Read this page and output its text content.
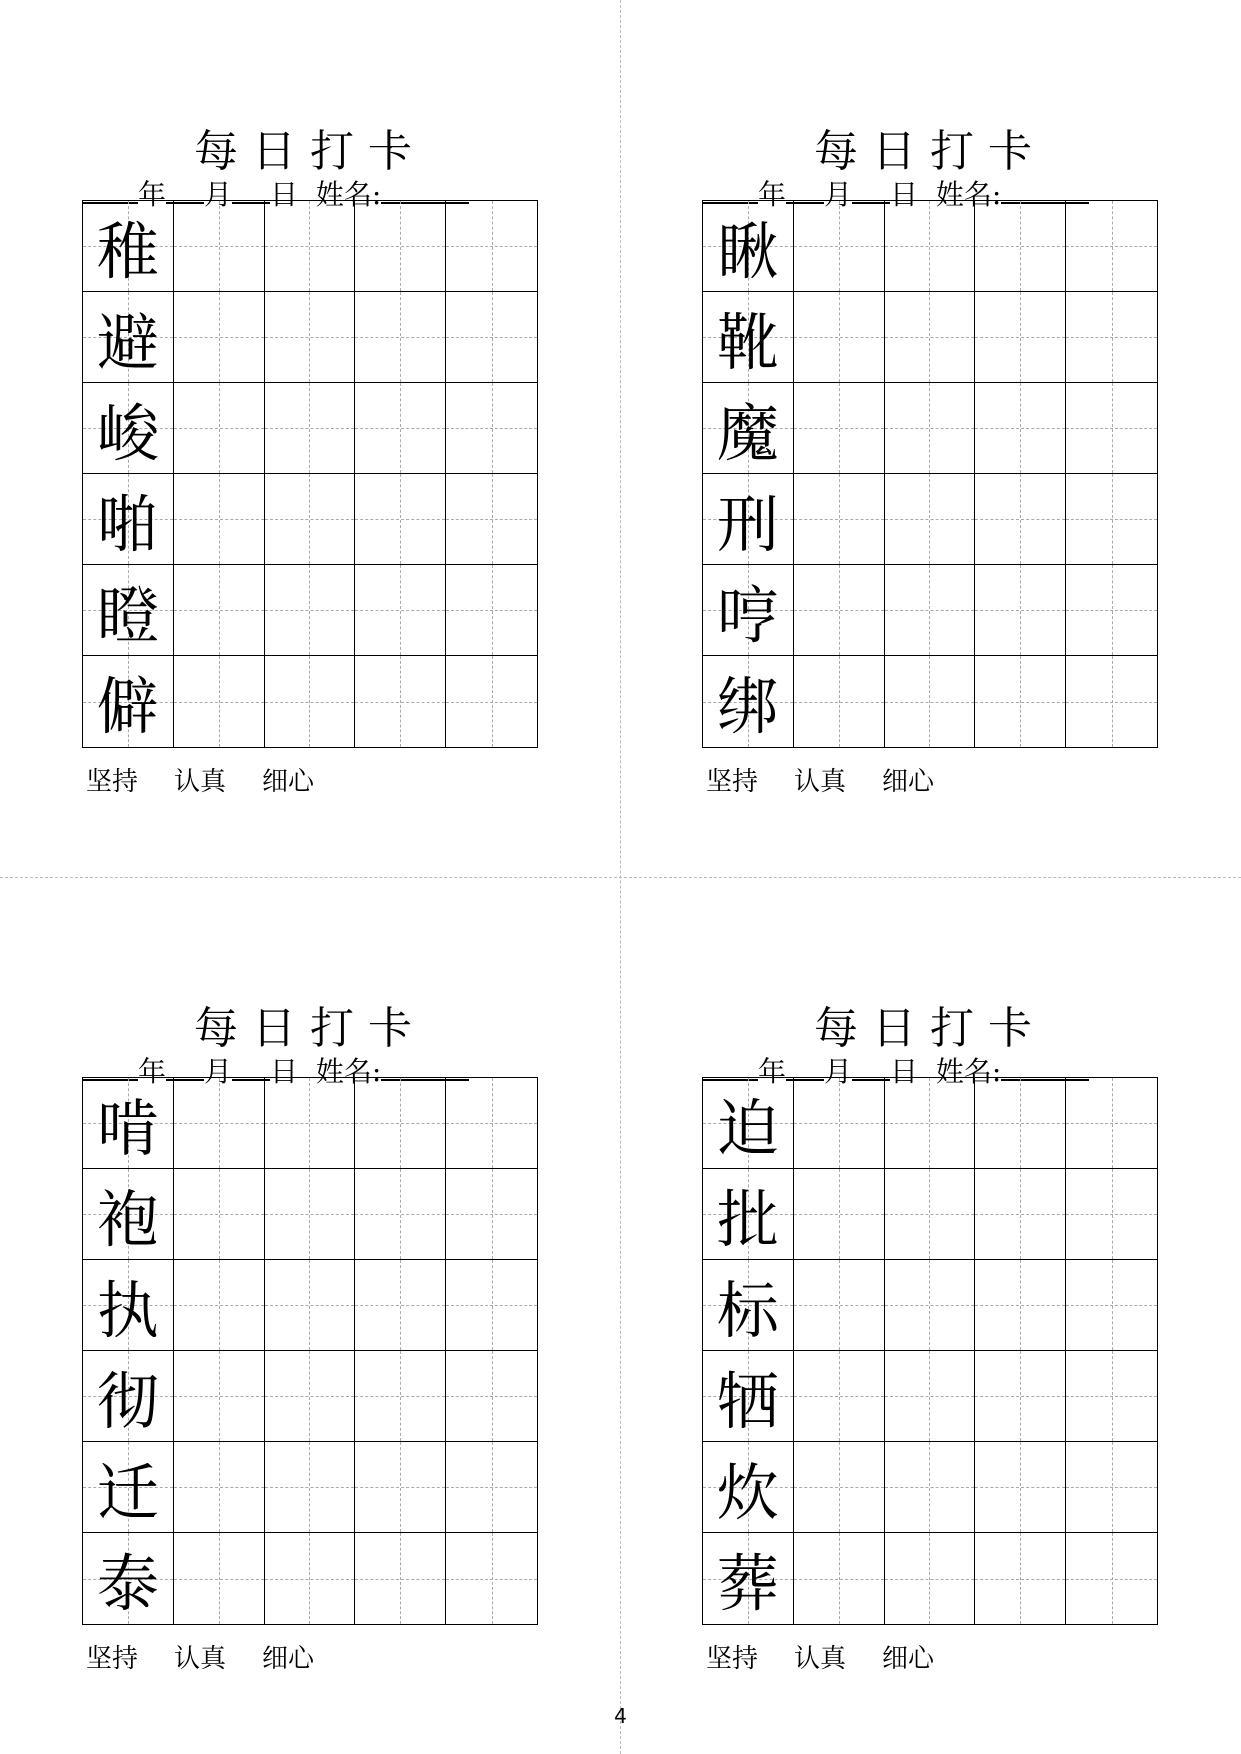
每日打卡
年 月 日 姓名:
稚
避
峻
啪
瞪
僻
坚持 认真 细心
每日打卡
年 月 日 姓名:
瞅
靴
魔
刑
哼
绑
坚持 认真 细心
每日打卡
年 月 日 姓名:
啃
袍
执
彻
迁
泰
坚持 认真 细心
每日打卡
年 月 日 姓名:
迫
批
标
牺
炊
葬
坚持 认真 细心
4
